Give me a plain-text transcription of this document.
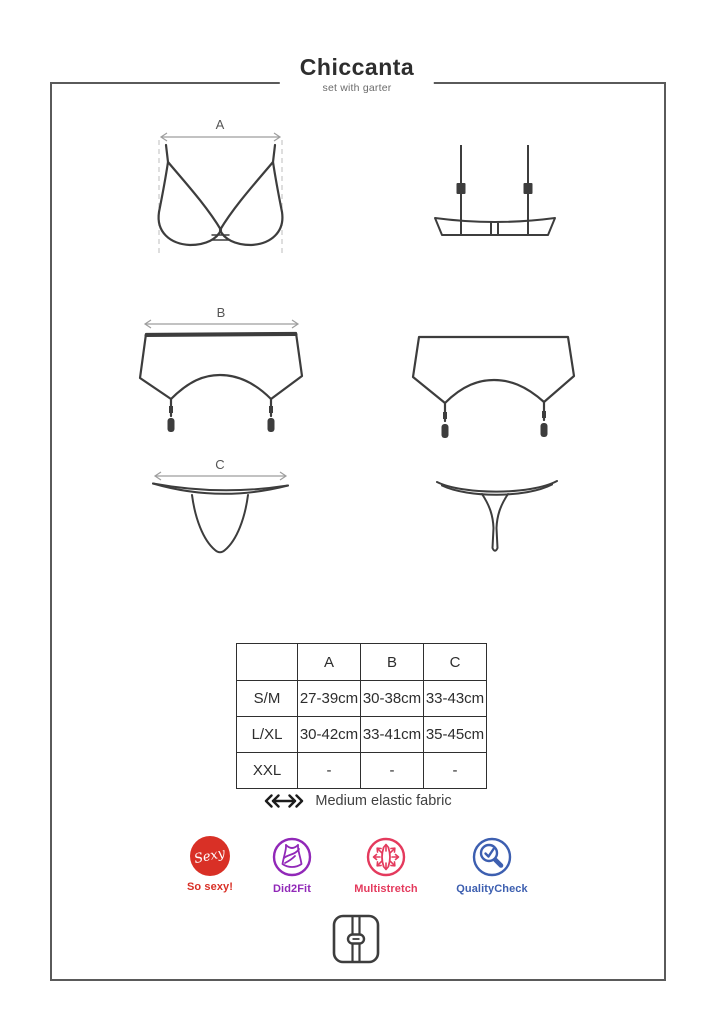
Chiccanta
set with garter
A
B
C
	A	B	C
S/M	27-39cm	30-38cm	33-43cm
L/XL	30-42cm	33-41cm	35-45cm
XXL	-	-	-
Medium elastic fabric
Sexy
So sexy!	Did2Fit	Multistretch	QualityCheck
